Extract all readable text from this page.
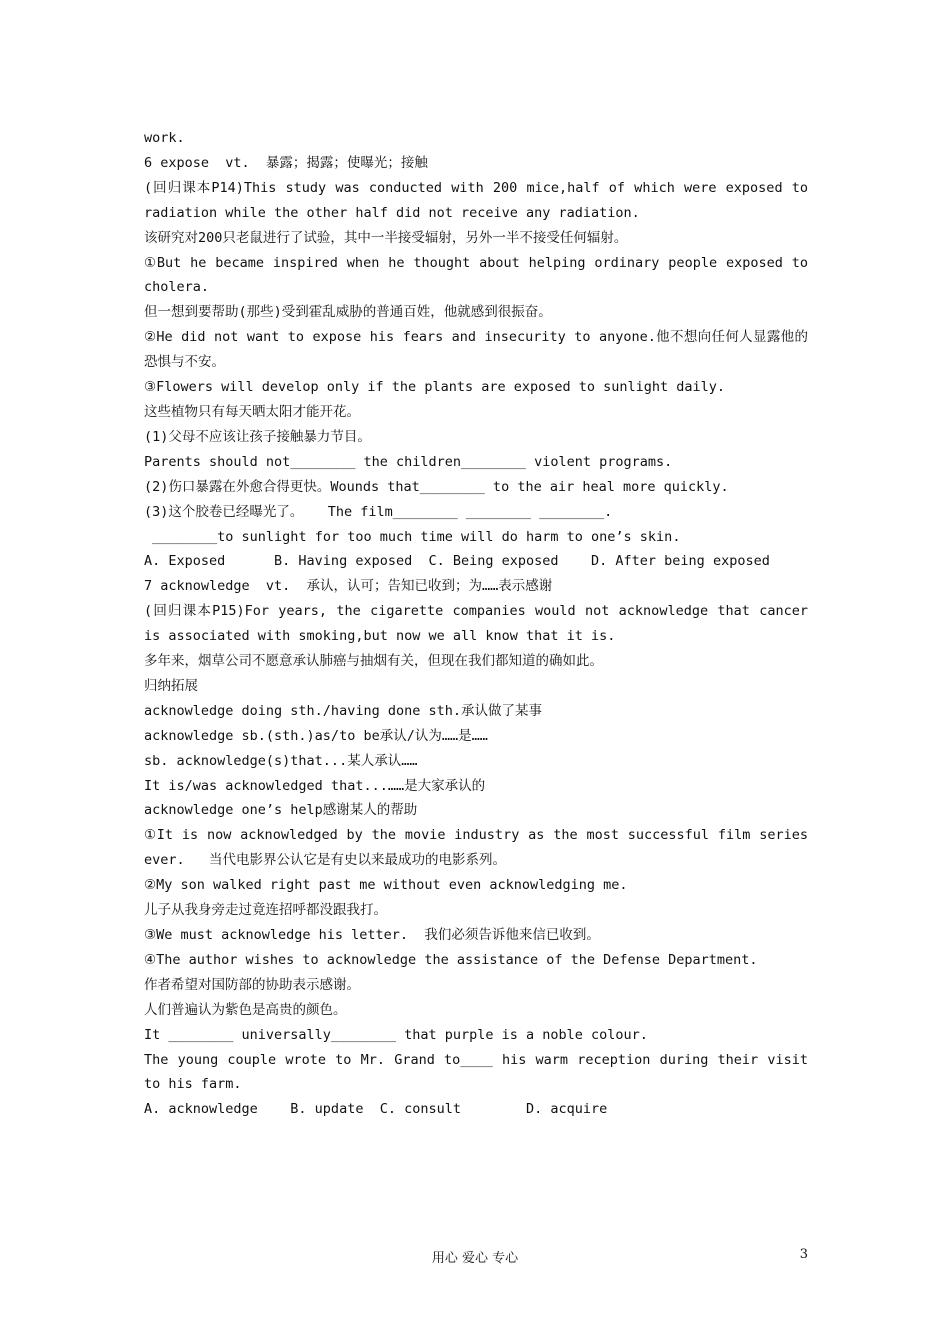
work.
6 expose  vt.  暴露；揭露；使曝光；接触
(回归课本P14)This study was conducted with 200 mice,half of which were exposed to radiation while the other half did not receive any radiation.
该研究对200只老鼠进行了试验，其中一半接受辐射，另外一半不接受任何辐射。
①But he became inspired when he thought about helping ordinary people exposed to cholera.
但一想到要帮助(那些)受到霍乱威胁的普通百姓，他就感到很振奋。
②He did not want to expose his fears and insecurity to anyone.他不想向任何人显露他的恐惧与不安。
③Flowers will develop only if the plants are exposed to sunlight daily.
这些植物只有每天晒太阳才能开花。
(1)父母不应该让孩子接触暴力节目。
Parents should not________ the children________ violent programs.
(2)伤口暴露在外愈合得更快。Wounds that________ to the air heal more quickly.
(3)这个胶卷已经曝光了。   The film________ ________ ________.
________to sunlight for too much time will do harm to one’s skin.
A. Exposed      B. Having exposed  C. Being exposed    D. After being exposed
7 acknowledge  vt.  承认，认可；告知已收到；为……表示感谢
(回归课本P15)For years, the cigarette companies would not acknowledge that cancer is associated with smoking,but now we all know that it is.
多年来，烟草公司不愿意承认肺癌与抽烟有关，但现在我们都知道的确如此。
归纳拓展
acknowledge doing sth./having done sth.承认做了某事
acknowledge sb.(sth.)as/to be承认/认为……是……
sb. acknowledge(s)that...某人承认……
It is/was acknowledged that...……是大家承认的
acknowledge one’s help感谢某人的帮助
①It is now acknowledged by the movie industry as the most successful film series ever.   当代电影界公认它是有史以来最成功的电影系列。
②My son walked right past me without even acknowledging me.
儿子从我身旁走过竟连招呼都没跟我打。
③We must acknowledge his letter.  我们必须告诉他来信已收到。
④The author wishes to acknowledge the assistance of the Defense Department.
作者希望对国防部的协助表示感谢。
人们普遍认为紫色是高贵的颜色。
It ________ universally________ that purple is a noble colour.
The young couple wrote to Mr. Grand to____ his warm reception during their visit to his farm.
A. acknowledge    B. update  C. consult        D. acquire
用心 爱心 专心	3
